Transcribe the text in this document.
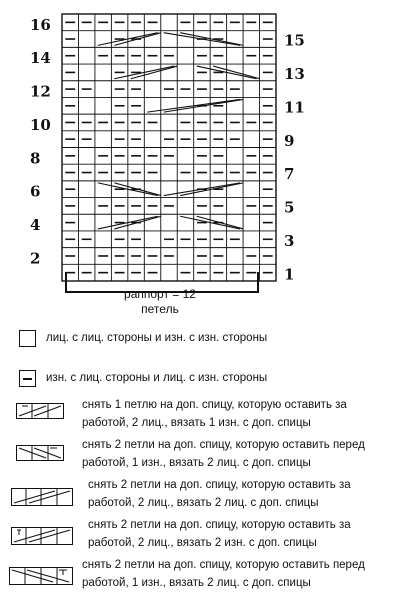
16
14
12
10
8
6
4
2
15
13
11
9
7
5
3
1
раппорт = 12
петель
лиц. с лиц. стороны и изн. с изн. стороны
изн. с лиц. стороны и лиц. с изн. стороны
снять 1 петлю на доп. спицу, которую оставить за
работой, 2 лиц., вязать 1 изн. с доп. спицы
снять 2 петли на доп. спицу, которую оставить перед
работой, 1 изн., вязать 2 лиц. с доп. спицы
снять 2 петли на доп. спицу, которую оставить за
работой, 2 лиц., вязать 2 лиц. с доп. спицы
снять 2 петли на доп. спицу, которую оставить за
работой, 2 лиц., вязать 2 изн. с доп. спицы
снять 2 петли на доп. спицу, которую оставить перед
работой, 1 изн., вязать 2 лиц. с доп. спицы
